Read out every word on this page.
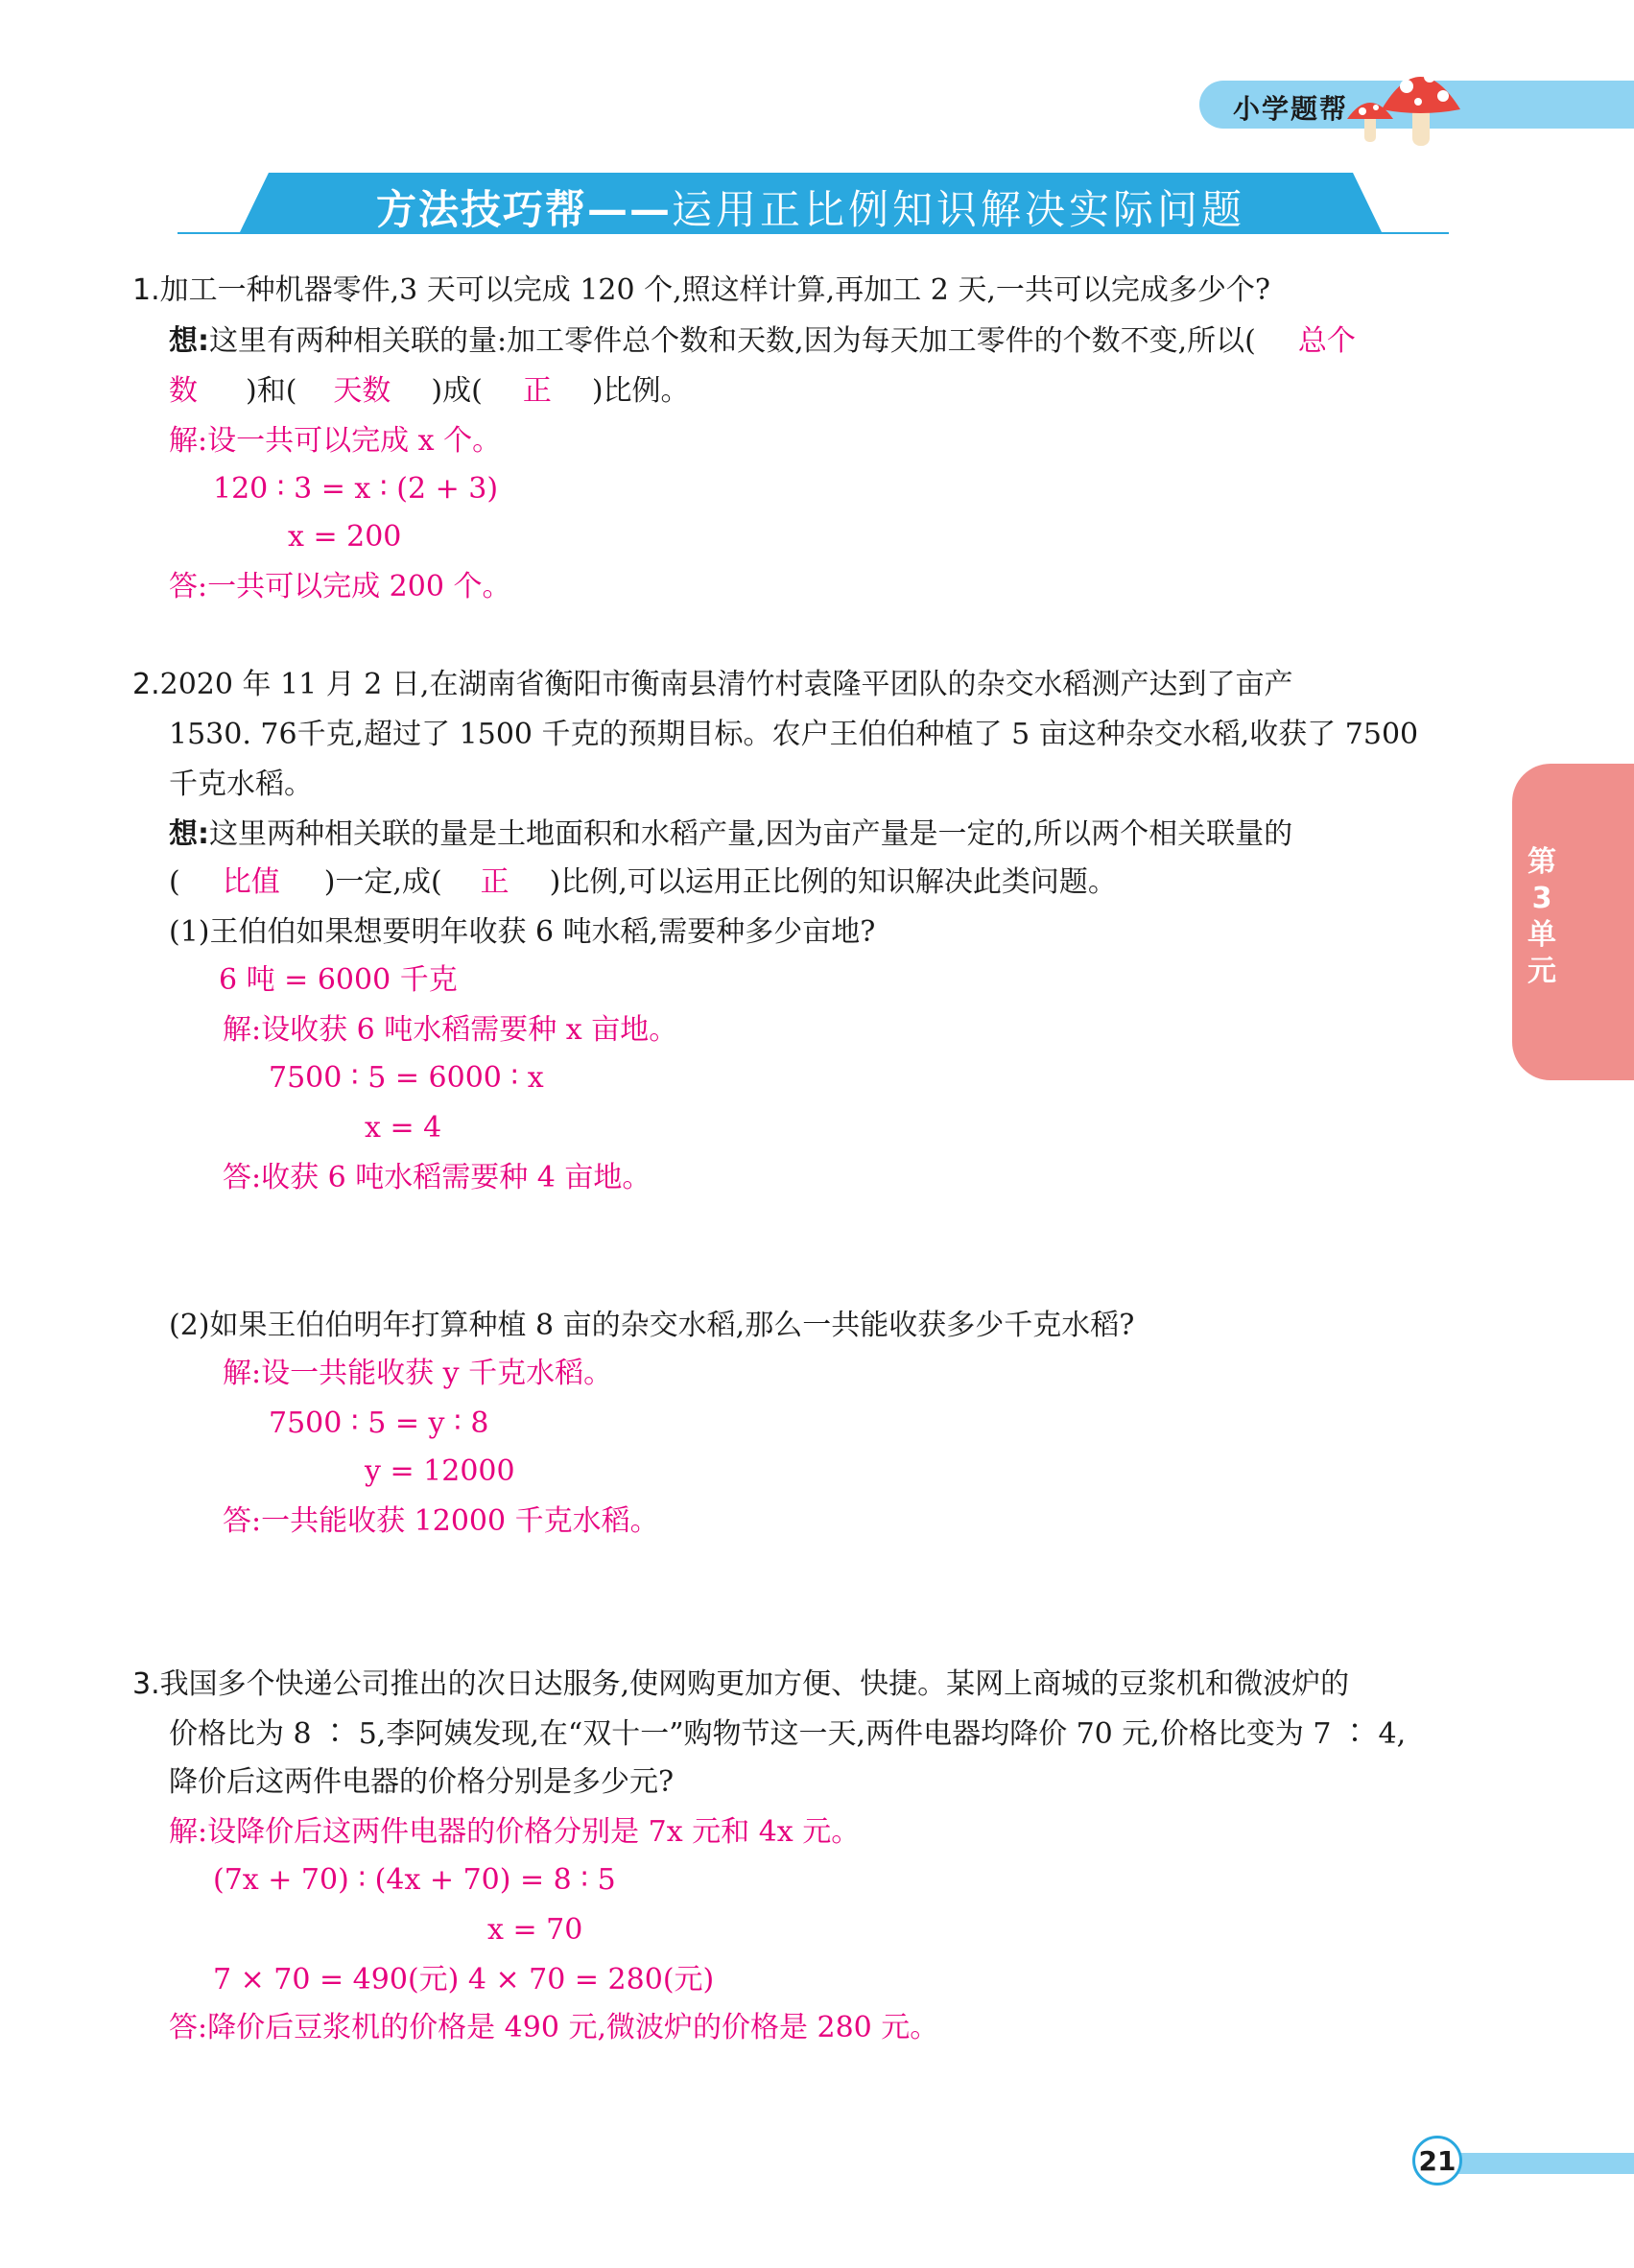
小学题帮
方法技巧帮——运用正比例知识解决实际问题
第3单元
1.加工一种机器零件,3 天可以完成 120 个,照这样计算,再加工 2 天,一共可以完成多少个?
想:这里有两种相关联的量:加工零件总个数和天数,因为每天加工零件的个数不变,所以( 总个
数 )和( 天数 )成( 正 )比例。
解:设一共可以完成 x 个。
120 ∶ 3 = x ∶ (2 + 3)
x = 200
答:一共可以完成 200 个。
2.2020 年 11 月 2 日,在湖南省衡阳市衡南县清竹村袁隆平团队的杂交水稻测产达到了亩产
1530. 76千克,超过了 1500 千克的预期目标。农户王伯伯种植了 5 亩这种杂交水稻,收获了 7500
千克水稻。
想:这里两种相关联的量是土地面积和水稻产量,因为亩产量是一定的,所以两个相关联量的
( 比值 )一定,成( 正 )比例,可以运用正比例的知识解决此类问题。
(1)王伯伯如果想要明年收获 6 吨水稻,需要种多少亩地?
6 吨 = 6000 千克
解:设收获 6 吨水稻需要种 x 亩地。
7500 ∶ 5 = 6000 ∶ x
x = 4
答:收获 6 吨水稻需要种 4 亩地。
(2)如果王伯伯明年打算种植 8 亩的杂交水稻,那么一共能收获多少千克水稻?
解:设一共能收获 y 千克水稻。
7500 ∶ 5 = y ∶ 8
y = 12000
答:一共能收获 12000 千克水稻。
3.我国多个快递公司推出的次日达服务,使网购更加方便、快捷。某网上商城的豆浆机和微波炉的
价格比为 8 ∶ 5,李阿姨发现,在“双十一”购物节这一天,两件电器均降价 70 元,价格比变为 7 ∶ 4,
降价后这两件电器的价格分别是多少元?
解:设降价后这两件电器的价格分别是 7x 元和 4x 元。
(7x + 70) ∶ (4x + 70) = 8 ∶ 5
x = 70
7 × 70 = 490(元) 4 × 70 = 280(元)
答:降价后豆浆机的价格是 490 元,微波炉的价格是 280 元。
21
